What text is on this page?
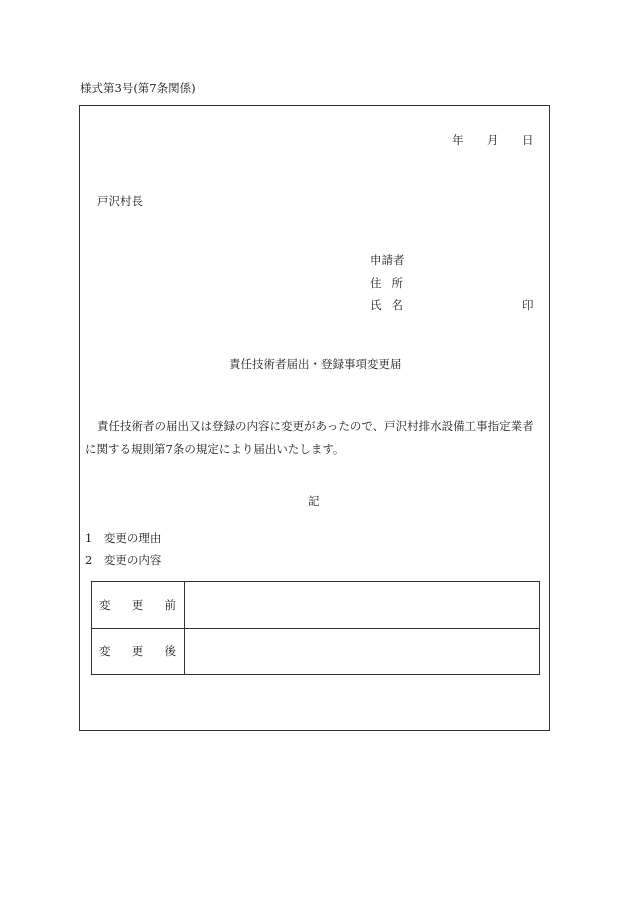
様式第3号(第7条関係)
年 月 日
戸沢村長
申請者
住所
氏名	印
責任技術者届出・登録事項変更届
責任技術者の届出又は登録の内容に変更があったので、戸沢村排水設備工事指定業者
に関する規則第7条の規定により届出いたします。
記
1　変更の理由
2　変更の内容
変 更 前	

変 更 後	
